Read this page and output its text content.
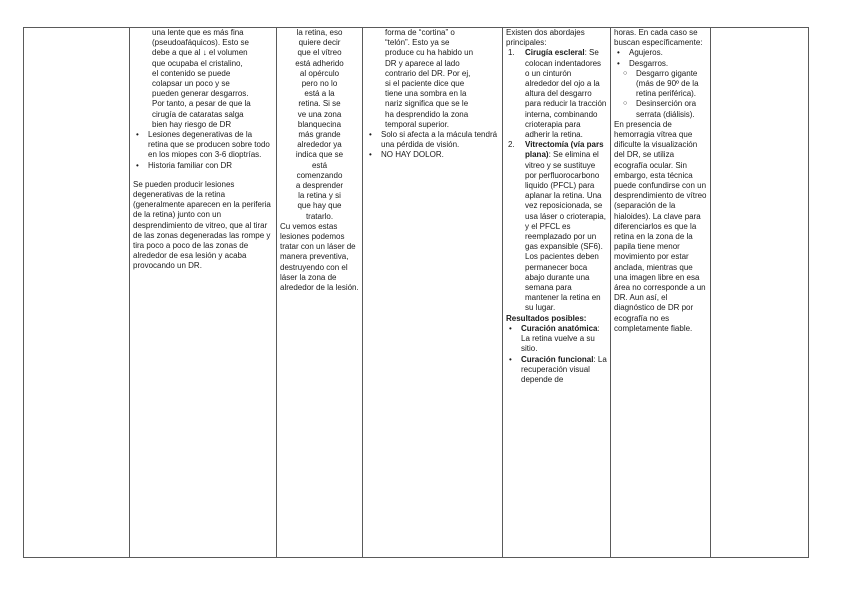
una lente que es más fina
(pseudoafáquicos). Esto se
debe a que al ↓ el volumen
que ocupaba el cristalino,
el contenido se puede
colapsar un poco y se
pueden generar desgarros.
Por tanto, a pesar de que la
cirugía de cataratas salga
bien hay riesgo de DR
• Lesiones degenerativas de la retina que se producen sobre todo en los miopes con 3-6 dioptrías.
• Historia familiar con DR

Se pueden producir lesiones degenerativas de la retina (generalmente aparecen en la periferia de la retina) junto con un desprendimiento de vitreo, que al tirar de las zonas degeneradas las rompe y tira poco a poco de las zonas de alrededor de esa lesión y acaba provocando un DR.

la retina, eso
quiere decir
que el vítreo
está adherido
al opérculo
pero no lo
está a la
retina. Si se
ve una zona
blanquecina
más grande
alrededor ya
indica que se
está
comenzando
a desprender
la retina y si
que hay que
tratarlo.

Cu vemos estas lesiones podemos tratar con un láser de manera preventiva, destruyendo con el láser la zona de alrededor de la lesión.

forma de “cortina” o
“telón”. Esto ya se
produce cu ha habido un
DR y aparece al lado
contrario del DR. Por ej,
si el paciente dice que
tiene una sombra en la
nariz significa que se le
ha desprendido la zona
temporal superior.
• Solo si afecta a la mácula tendrá una pérdida de visión.
• NO HAY DOLOR.

Existen dos abordajes principales:

1. Cirugía escleral: Se colocan indentadores o un cinturón alrededor del ojo a la altura del desgarro para reducir la tracción interna, combinando crioterapia para adherir la retina.
2. Vitrectomía (vía pars plana): Se elimina el vitreo y se sustituye por perfluorocarbono liquido (PFCL) para aplanar la retina. Una vez reposicionada, se usa láser o crioterapia, y el PFCL es reemplazado por un gas expansible (SF6). Los pacientes deben permanecer boca abajo durante una semana para mantener la retina en su lugar.

Resultados posibles:

• Curación anatómica: La retina vuelve a su sitio.
• Curación funcional: La recuperación visual depende de

horas. En cada caso se buscan específicamente:

• Agujeros.
• Desgarros.
○ Desgarro gigante (más de 90º de la retina periférica).
○ Desinserción ora serrata (diálisis).

En presencia de hemorragia vítrea que dificulte la visualización del DR, se utiliza ecografía ocular. Sin embargo, esta técnica puede confundirse con un desprendimiento de vítreo (separación de la hialoides). La clave para diferenciarlos es que la retina en la zona de la papila tiene menor movimiento por estar anclada, mientras que una imagen libre en esa área no corresponde a un DR. Aun así, el diagnóstico de DR por ecografía no es completamente fiable.
